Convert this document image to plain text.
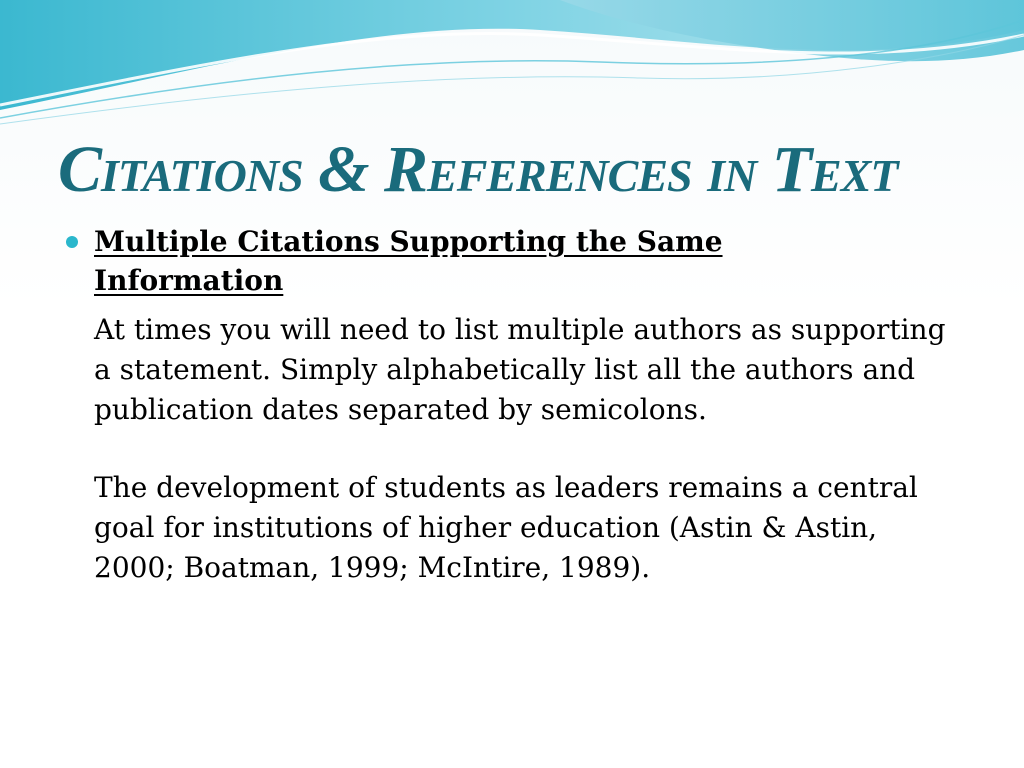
Citations & References in Text

Multiple Citations Supporting the Same Information

At times you will need to list multiple authors as supporting a statement. Simply alphabetically list all the authors and publication dates separated by semicolons.

The development of students as leaders remains a central goal for institutions of higher education (Astin & Astin, 2000; Boatman, 1999; McIntire, 1989).
